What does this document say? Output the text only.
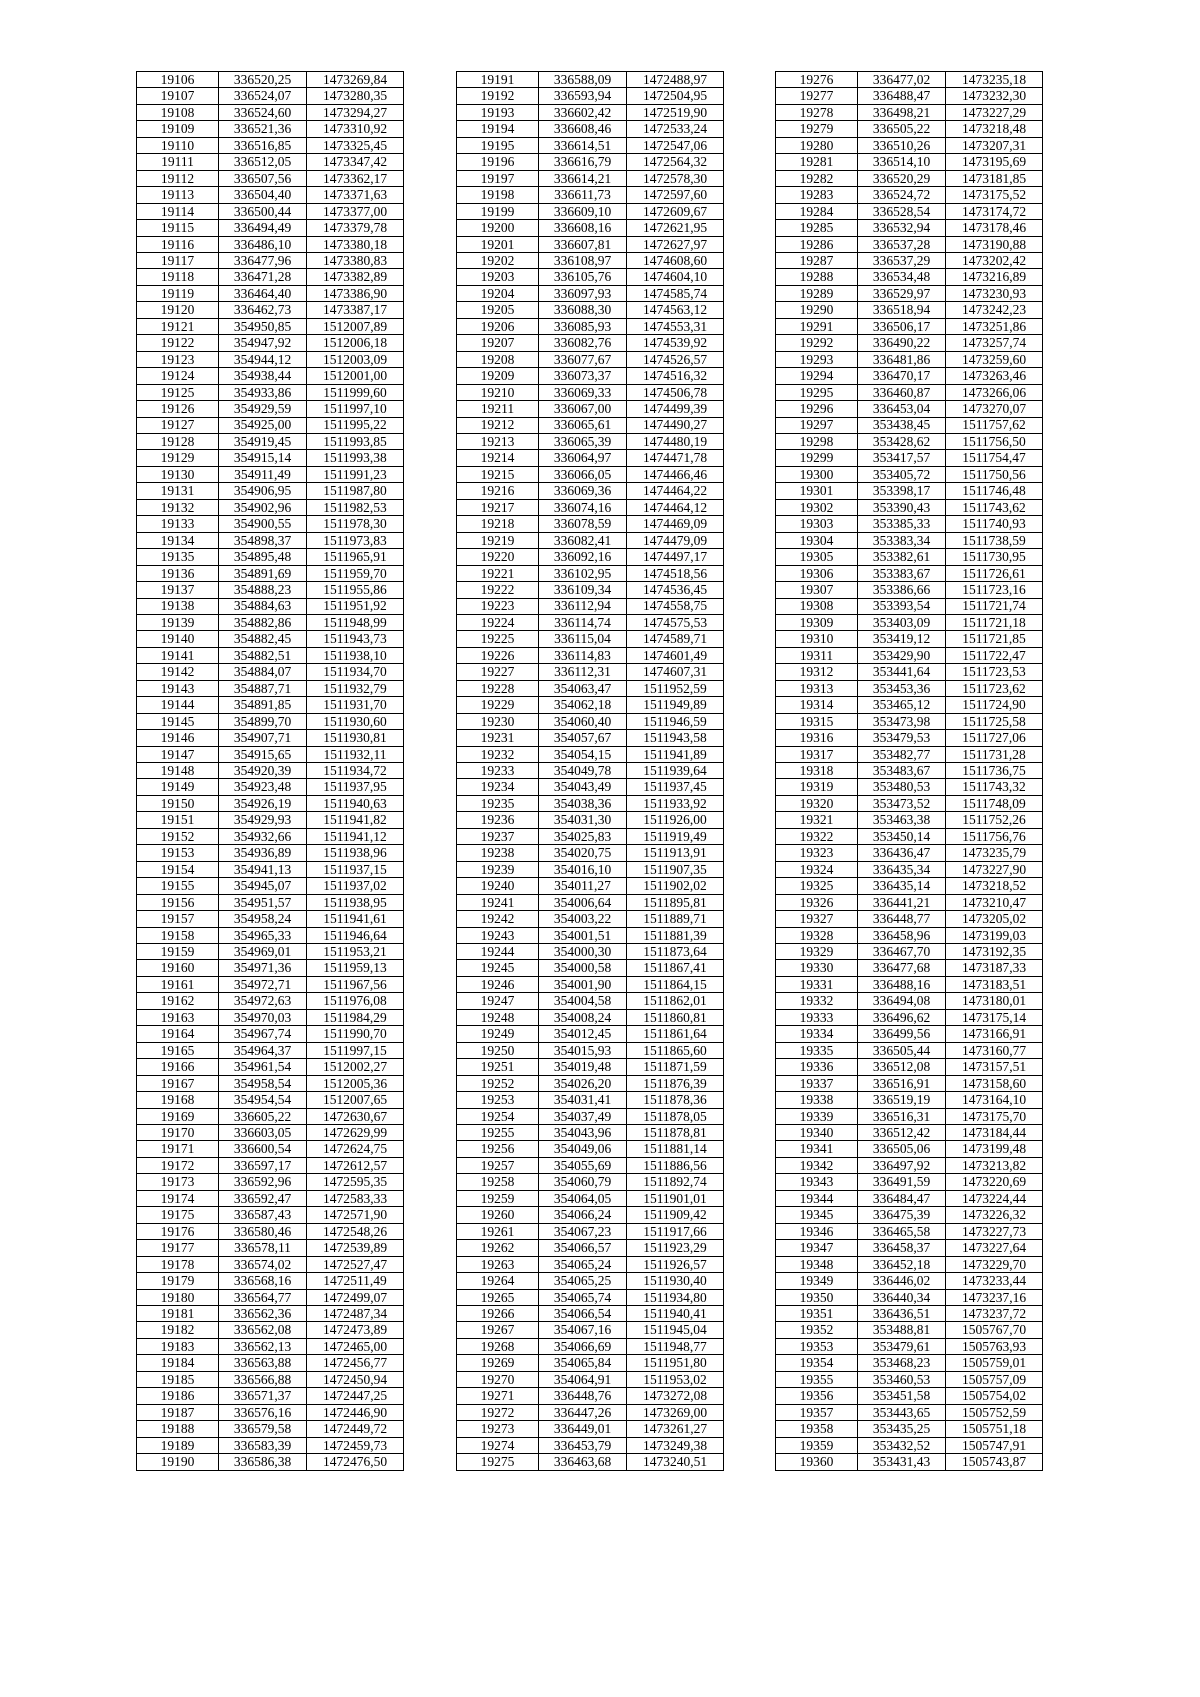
19106	336520,25	1473269,84
19107	336524,07	1473280,35
19108	336524,60	1473294,27
19109	336521,36	1473310,92
19110	336516,85	1473325,45
19111	336512,05	1473347,42
19112	336507,56	1473362,17
19113	336504,40	1473371,63
19114	336500,44	1473377,00
19115	336494,49	1473379,78
19116	336486,10	1473380,18
19117	336477,96	1473380,83
19118	336471,28	1473382,89
19119	336464,40	1473386,90
19120	336462,73	1473387,17
19121	354950,85	1512007,89
19122	354947,92	1512006,18
19123	354944,12	1512003,09
19124	354938,44	1512001,00
19125	354933,86	1511999,60
19126	354929,59	1511997,10
19127	354925,00	1511995,22
19128	354919,45	1511993,85
19129	354915,14	1511993,38
19130	354911,49	1511991,23
19131	354906,95	1511987,80
19132	354902,96	1511982,53
19133	354900,55	1511978,30
19134	354898,37	1511973,83
19135	354895,48	1511965,91
19136	354891,69	1511959,70
19137	354888,23	1511955,86
19138	354884,63	1511951,92
19139	354882,86	1511948,99
19140	354882,45	1511943,73
19141	354882,51	1511938,10
19142	354884,07	1511934,70
19143	354887,71	1511932,79
19144	354891,85	1511931,70
19145	354899,70	1511930,60
19146	354907,71	1511930,81
19147	354915,65	1511932,11
19148	354920,39	1511934,72
19149	354923,48	1511937,95
19150	354926,19	1511940,63
19151	354929,93	1511941,82
19152	354932,66	1511941,12
19153	354936,89	1511938,96
19154	354941,13	1511937,15
19155	354945,07	1511937,02
19156	354951,57	1511938,95
19157	354958,24	1511941,61
19158	354965,33	1511946,64
19159	354969,01	1511953,21
19160	354971,36	1511959,13
19161	354972,71	1511967,56
19162	354972,63	1511976,08
19163	354970,03	1511984,29
19164	354967,74	1511990,70
19165	354964,37	1511997,15
19166	354961,54	1512002,27
19167	354958,54	1512005,36
19168	354954,54	1512007,65
19169	336605,22	1472630,67
19170	336603,05	1472629,99
19171	336600,54	1472624,75
19172	336597,17	1472612,57
19173	336592,96	1472595,35
19174	336592,47	1472583,33
19175	336587,43	1472571,90
19176	336580,46	1472548,26
19177	336578,11	1472539,89
19178	336574,02	1472527,47
19179	336568,16	1472511,49
19180	336564,77	1472499,07
19181	336562,36	1472487,34
19182	336562,08	1472473,89
19183	336562,13	1472465,00
19184	336563,88	1472456,77
19185	336566,88	1472450,94
19186	336571,37	1472447,25
19187	336576,16	1472446,90
19188	336579,58	1472449,72
19189	336583,39	1472459,73
19190	336586,38	1472476,50
19191	336588,09	1472488,97
19192	336593,94	1472504,95
19193	336602,42	1472519,90
19194	336608,46	1472533,24
19195	336614,51	1472547,06
19196	336616,79	1472564,32
19197	336614,21	1472578,30
19198	336611,73	1472597,60
19199	336609,10	1472609,67
19200	336608,16	1472621,95
19201	336607,81	1472627,97
19202	336108,97	1474608,60
19203	336105,76	1474604,10
19204	336097,93	1474585,74
19205	336088,30	1474563,12
19206	336085,93	1474553,31
19207	336082,76	1474539,92
19208	336077,67	1474526,57
19209	336073,37	1474516,32
19210	336069,33	1474506,78
19211	336067,00	1474499,39
19212	336065,61	1474490,27
19213	336065,39	1474480,19
19214	336064,97	1474471,78
19215	336066,05	1474466,46
19216	336069,36	1474464,22
19217	336074,16	1474464,12
19218	336078,59	1474469,09
19219	336082,41	1474479,09
19220	336092,16	1474497,17
19221	336102,95	1474518,56
19222	336109,34	1474536,45
19223	336112,94	1474558,75
19224	336114,74	1474575,53
19225	336115,04	1474589,71
19226	336114,83	1474601,49
19227	336112,31	1474607,31
19228	354063,47	1511952,59
19229	354062,18	1511949,89
19230	354060,40	1511946,59
19231	354057,67	1511943,58
19232	354054,15	1511941,89
19233	354049,78	1511939,64
19234	354043,49	1511937,45
19235	354038,36	1511933,92
19236	354031,30	1511926,00
19237	354025,83	1511919,49
19238	354020,75	1511913,91
19239	354016,10	1511907,35
19240	354011,27	1511902,02
19241	354006,64	1511895,81
19242	354003,22	1511889,71
19243	354001,51	1511881,39
19244	354000,30	1511873,64
19245	354000,58	1511867,41
19246	354001,90	1511864,15
19247	354004,58	1511862,01
19248	354008,24	1511860,81
19249	354012,45	1511861,64
19250	354015,93	1511865,60
19251	354019,48	1511871,59
19252	354026,20	1511876,39
19253	354031,41	1511878,36
19254	354037,49	1511878,05
19255	354043,96	1511878,81
19256	354049,06	1511881,14
19257	354055,69	1511886,56
19258	354060,79	1511892,74
19259	354064,05	1511901,01
19260	354066,24	1511909,42
19261	354067,23	1511917,66
19262	354066,57	1511923,29
19263	354065,24	1511926,57
19264	354065,25	1511930,40
19265	354065,74	1511934,80
19266	354066,54	1511940,41
19267	354067,16	1511945,04
19268	354066,69	1511948,77
19269	354065,84	1511951,80
19270	354064,91	1511953,02
19271	336448,76	1473272,08
19272	336447,26	1473269,00
19273	336449,01	1473261,27
19274	336453,79	1473249,38
19275	336463,68	1473240,51
19276	336477,02	1473235,18
19277	336488,47	1473232,30
19278	336498,21	1473227,29
19279	336505,22	1473218,48
19280	336510,26	1473207,31
19281	336514,10	1473195,69
19282	336520,29	1473181,85
19283	336524,72	1473175,52
19284	336528,54	1473174,72
19285	336532,94	1473178,46
19286	336537,28	1473190,88
19287	336537,29	1473202,42
19288	336534,48	1473216,89
19289	336529,97	1473230,93
19290	336518,94	1473242,23
19291	336506,17	1473251,86
19292	336490,22	1473257,74
19293	336481,86	1473259,60
19294	336470,17	1473263,46
19295	336460,87	1473266,06
19296	336453,04	1473270,07
19297	353438,45	1511757,62
19298	353428,62	1511756,50
19299	353417,57	1511754,47
19300	353405,72	1511750,56
19301	353398,17	1511746,48
19302	353390,43	1511743,62
19303	353385,33	1511740,93
19304	353383,34	1511738,59
19305	353382,61	1511730,95
19306	353383,67	1511726,61
19307	353386,66	1511723,16
19308	353393,54	1511721,74
19309	353403,09	1511721,18
19310	353419,12	1511721,85
19311	353429,90	1511722,47
19312	353441,64	1511723,53
19313	353453,36	1511723,62
19314	353465,12	1511724,90
19315	353473,98	1511725,58
19316	353479,53	1511727,06
19317	353482,77	1511731,28
19318	353483,67	1511736,75
19319	353480,53	1511743,32
19320	353473,52	1511748,09
19321	353463,38	1511752,26
19322	353450,14	1511756,76
19323	336436,47	1473235,79
19324	336435,34	1473227,90
19325	336435,14	1473218,52
19326	336441,21	1473210,47
19327	336448,77	1473205,02
19328	336458,96	1473199,03
19329	336467,70	1473192,35
19330	336477,68	1473187,33
19331	336488,16	1473183,51
19332	336494,08	1473180,01
19333	336496,62	1473175,14
19334	336499,56	1473166,91
19335	336505,44	1473160,77
19336	336512,08	1473157,51
19337	336516,91	1473158,60
19338	336519,19	1473164,10
19339	336516,31	1473175,70
19340	336512,42	1473184,44
19341	336505,06	1473199,48
19342	336497,92	1473213,82
19343	336491,59	1473220,69
19344	336484,47	1473224,44
19345	336475,39	1473226,32
19346	336465,58	1473227,73
19347	336458,37	1473227,64
19348	336452,18	1473229,70
19349	336446,02	1473233,44
19350	336440,34	1473237,16
19351	336436,51	1473237,72
19352	353488,81	1505767,70
19353	353479,61	1505763,93
19354	353468,23	1505759,01
19355	353460,53	1505757,09
19356	353451,58	1505754,02
19357	353443,65	1505752,59
19358	353435,25	1505751,18
19359	353432,52	1505747,91
19360	353431,43	1505743,87
